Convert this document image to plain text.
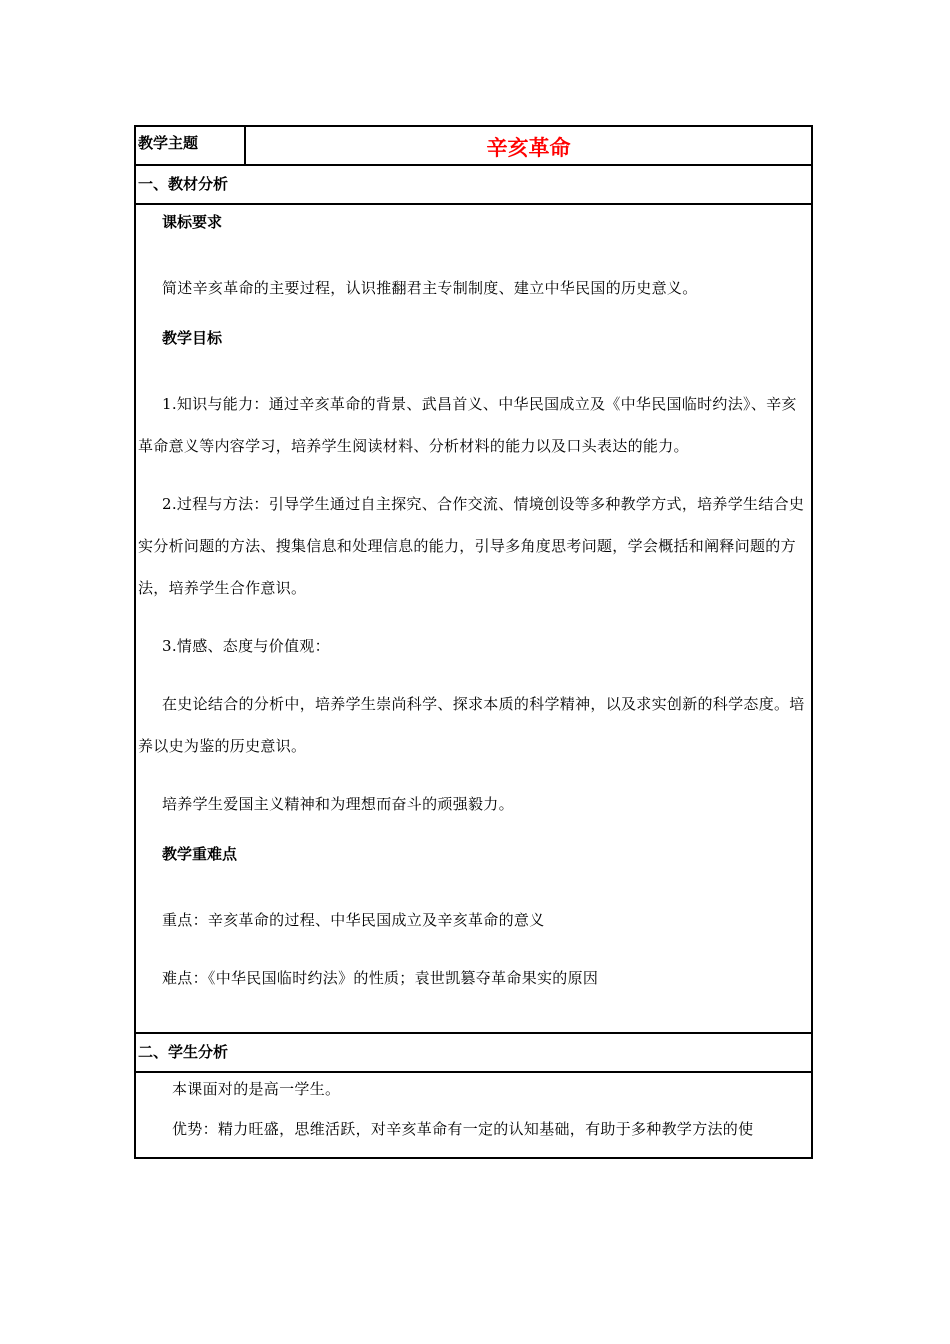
教学主题	辛亥革命
一、教材分析
课标要求

简述辛亥革命的主要过程，认识推翻君主专制制度、建立中华民国的历史意义。

教学目标

1.知识与能力：通过辛亥革命的背景、武昌首义、中华民国成立及《中华民国临时约法》、辛亥革命意义等内容学习，培养学生阅读材料、分析材料的能力以及口头表达的能力。

2.过程与方法：引导学生通过自主探究、合作交流、情境创设等多种教学方式，培养学生结合史实分析问题的方法、搜集信息和处理信息的能力，引导多角度思考问题，学会概括和阐释问题的方法，培养学生合作意识。

3.情感、态度与价值观：

在史论结合的分析中，培养学生崇尚科学、探求本质的科学精神，以及求实创新的科学态度。培养以史为鉴的历史意识。

培养学生爱国主义精神和为理想而奋斗的顽强毅力。

教学重难点

重点：辛亥革命的过程、中华民国成立及辛亥革命的意义

难点：《中华民国临时约法》的性质；袁世凯篡夺革命果实的原因

二、学生分析

本课面对的是高一学生。

优势：精力旺盛，思维活跃，对辛亥革命有一定的认知基础，有助于多种教学方法的使
